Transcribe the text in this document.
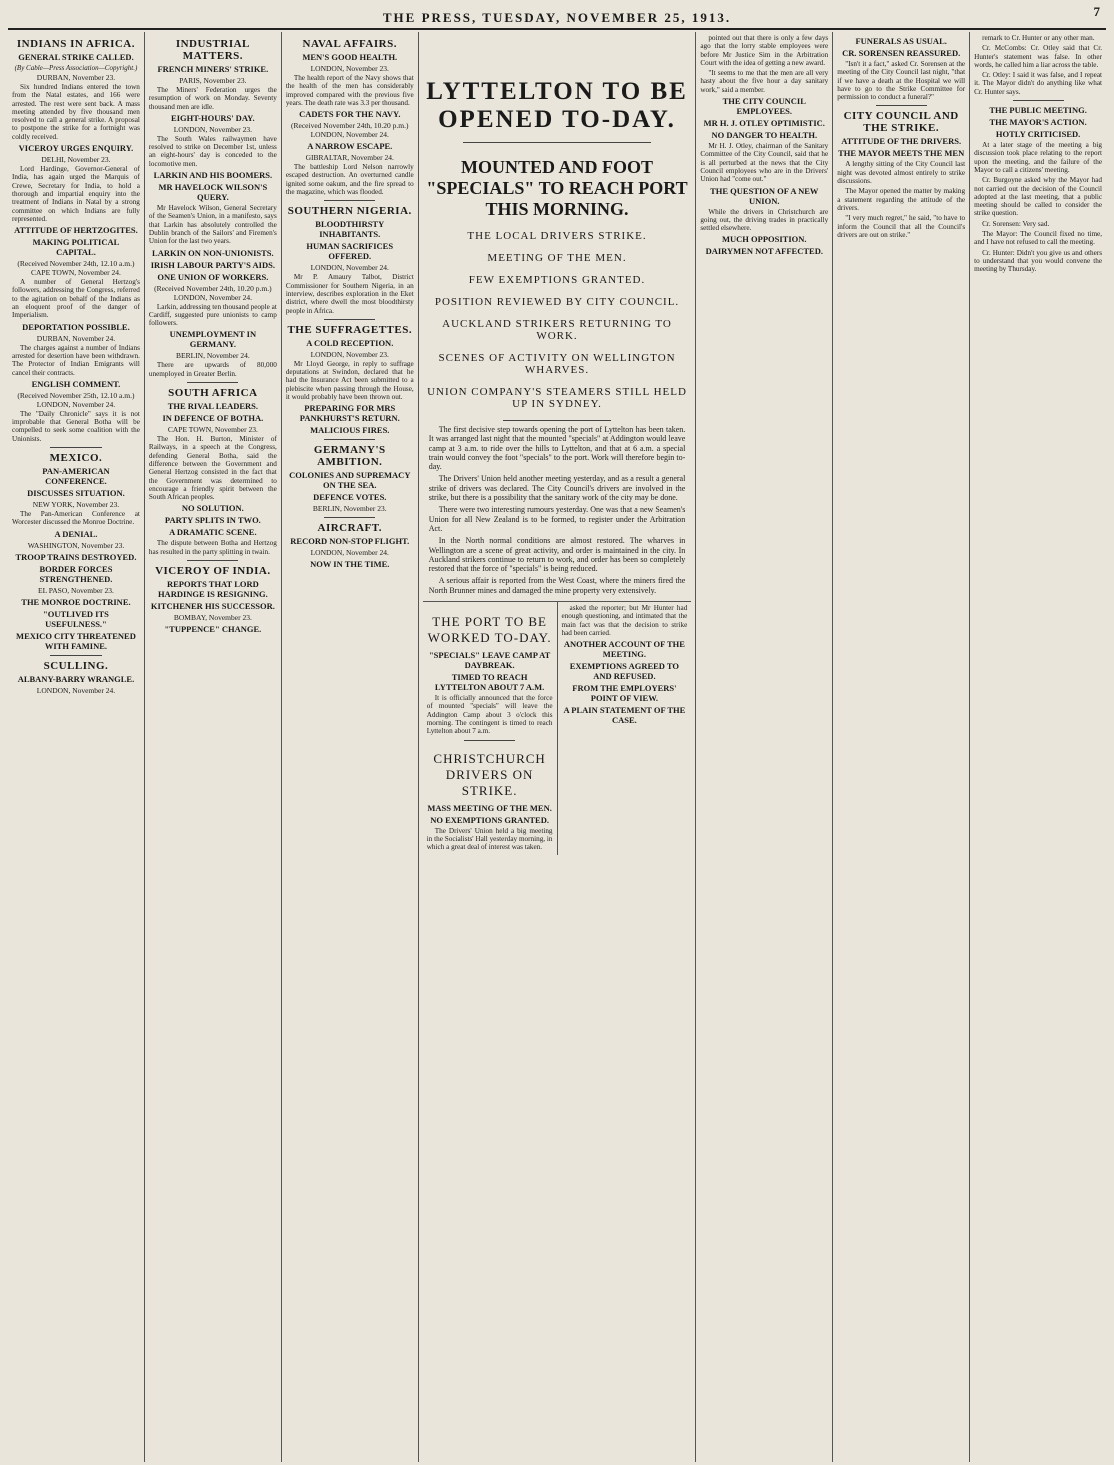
THE PRESS, TUESDAY, NOVEMBER 25, 1913.	7
INDIANS IN AFRICA.
GENERAL STRIKE CALLED.
(By Cable—Press Association—Copyright.)
DURBAN, November 23.

Six hundred Indians entered the town from the Natal estates, and 166 were arrested. The rest were sent back. A mass meeting attended by five thousand men resolved to call a general strike. A proposal to postpone the strike for a fortnight was coldly received.

VICEROY URGES ENQUIRY.
DELHI, November 23.

Lord Hardinge, Governor-General of India, has again urged the Marquis of Crewe, Secretary for India, to hold a thorough and impartial enquiry into the treatment of Indians in Natal by a strong committee on which Indians are fully represented.

ATTITUDE OF HERTZOGITES.
MAKING POLITICAL CAPITAL.
(Received November 24th, 12.10 a.m.) CAPE TOWN, November 24.

A number of General Hertzog's followers, addressing the Congress, referred to the agitation on behalf of the Indians as an eloquent proof of the danger of Imperialism.

DEPORTATION POSSIBLE.
DURBAN, November 24.

The charges against a number of Indians arrested for desertion have been withdrawn. The Protector of Indian Emigrants will cancel their contracts.

ENGLISH COMMENT.
(Received November 25th, 12.10 a.m.) LONDON, November 24.

The "Daily Chronicle" says it is not improbable that General Botha will be compelled to seek some coalition with the Unionists.

MEXICO.
PAN-AMERICAN CONFERENCE.
DISCUSSES SITUATION.
NEW YORK, November 23.

The Pan-American Conference at Worcester discussed the Monroe Doctrine.

A DENIAL.
WASHINGTON, November 23.
TROOP TRAINS DESTROYED.
BORDER FORCES STRENGTHENED.
EL PASO, November 23.
THE MONROE DOCTRINE.
"OUTLIVED ITS USEFULNESS."
MEXICO CITY THREATENED WITH FAMINE.
SCULLING.
ALBANY-BARRY WRANGLE.
LONDON, November 24.
INDUSTRIAL MATTERS.
FRENCH MINERS' STRIKE.
PARIS, November 23.

The Miners' Federation urges the resumption of work on Monday. Seventy thousand men are idle.

EIGHT-HOURS' DAY.
LONDON, November 23.

The South Wales railwaymen have resolved to strike on December 1st, unless an eight-hours' day is conceded to the locomotive men.

LARKIN AND HIS BOOMERS.
MR HAVELOCK WILSON'S QUERY.

Mr Havelock Wilson, General Secretary of the Seamen's Union, in a manifesto, says that Larkin has absolutely controlled the Dublin branch of the Sailors' and Firemen's Union for the last two years.

LARKIN ON NON-UNIONISTS.
IRISH LABOUR PARTY'S AIDS.
ONE UNION OF WORKERS.
(Received November 24th, 10.20 p.m.) LONDON, November 24.

Larkin, addressing ten thousand people at Cardiff, suggested pure unionists to camp followers.

UNEMPLOYMENT IN GERMANY.
BERLIN, November 24.

There are upwards of 80,000 unemployed in Greater Berlin.

SOUTH AFRICA
THE RIVAL LEADERS.
IN DEFENCE OF BOTHA.
CAPE TOWN, November 23.

The Hon. H. Burton, Minister of Railways, in a speech at the Congress, defending General Botha, said the difference between the Government and General Hertzog consisted in the fact that the Government was determined to encourage a friendly spirit between the South African peoples.

NO SOLUTION.
PARTY SPLITS IN TWO.
A DRAMATIC SCENE.

The dispute between Botha and Hertzog has resulted in the party splitting in twain.

VICEROY OF INDIA.
REPORTS THAT LORD HARDINGE IS RESIGNING.
KITCHENER HIS SUCCESSOR.
BOMBAY, November 23.
"TUPPENCE" CHANGE.
NAVAL AFFAIRS.
MEN'S GOOD HEALTH.
LONDON, November 23.

The health report of the Navy shows that the health of the men has considerably improved compared with the previous five years. The death rate was 3.3 per thousand.

CADETS FOR THE NAVY.
(Received November 24th, 10.20 p.m.) LONDON, November 24.
A NARROW ESCAPE.
GIBRALTAR, November 24.

The battleship Lord Nelson narrowly escaped destruction. An overturned candle ignited some oakum, and the fire spread to the magazine, which was flooded.

SOUTHERN NIGERIA.
BLOODTHIRSTY INHABITANTS.
HUMAN SACRIFICES OFFERED.
LONDON, November 24.

Mr P. Amaury Talbot, District Commissioner for Southern Nigeria, in an interview, describes exploration in the Eket district, where dwell the most bloodthirsty people in Africa.

THE SUFFRAGETTES.
A COLD RECEPTION.
LONDON, November 23.

Mr Lloyd George, in reply to suffrage deputations at Swindon, declared that he had the Insurance Act been submitted to a plebiscite when passing through the House, it would probably have been thrown out.

PREPARING FOR MRS PANKHURST'S RETURN.
MALICIOUS FIRES.
GERMANY'S AMBITION.
COLONIES AND SUPREMACY ON THE SEA.
DEFENCE VOTES.
BERLIN, November 23.
AIRCRAFT.
RECORD NON-STOP FLIGHT.
LONDON, November 24.
NOW IN THE TIME.
LYTTELTON TO BE OPENED TO-DAY.
MOUNTED AND FOOT "SPECIALS" TO REACH PORT THIS MORNING.
THE LOCAL DRIVERS STRIKE.
MEETING OF THE MEN.
FEW EXEMPTIONS GRANTED.
POSITION REVIEWED BY CITY COUNCIL.
AUCKLAND STRIKERS RETURNING TO WORK.
SCENES OF ACTIVITY ON WELLINGTON WHARVES.
UNION COMPANY'S STEAMERS STILL HELD UP IN SYDNEY.

The first decisive step towards opening the port of Lyttelton has been taken. It was arranged last night that the mounted "specials" at Addington would leave camp at 3 a.m. to ride over the hills to Lyttelton, and that at 6 a.m. a special train would convey the foot "specials" to the port. Work will therefore begin to-day.

The Drivers' Union held another meeting yesterday, and as a result a general strike of drivers was declared. The City Council's drivers are involved in the strike, but there is a possibility that the sanitary work of the city may be done.

There were two interesting rumours yesterday. One was that a new Seamen's Union for all New Zealand is to be formed, to register under the Arbitration Act.

In the North normal conditions are almost restored. The wharves in Wellington are a scene of great activity, and order is maintained in the city. In Auckland strikers continue to return to work, and order has been so completely restored that the force of "specials" is being reduced.

A serious affair is reported from the West Coast, where the miners fired the North Brunner mines and damaged the mine property very extensively.

THE PORT TO BE WORKED TO-DAY.
"SPECIALS" LEAVE CAMP AT DAYBREAK.
TIMED TO REACH LYTTELTON ABOUT 7 A.M.

It is officially announced that the force of mounted "specials" will leave the Addington Camp about 3 o'clock this morning. The contingent is timed to reach Lyttelton about 7 a.m.

CHRISTCHURCH DRIVERS ON STRIKE.
MASS MEETING OF THE MEN.
NO EXEMPTIONS GRANTED.

The Drivers' Union held a big meeting in the Socialists' Hall yesterday morning, in which a great deal of interest was taken.

asked the reporter; but Mr Hunter had enough questioning, and intimated that the main fact was that the decision to strike had been carried.

ANOTHER ACCOUNT OF THE MEETING.
EXEMPTIONS AGREED TO AND REFUSED.
FROM THE EMPLOYERS' POINT OF VIEW.
A PLAIN STATEMENT OF THE CASE.

pointed out that there is only a few days ago that the lorry stable employees were before Mr Justice Sim in the Arbitration Court with the idea of getting a new award.

"It seems to me that the men are all very hasty about the five hour a day sanitary work," said a member.

THE CITY COUNCIL EMPLOYEES.
MR H. J. OTLEY OPTIMISTIC.
NO DANGER TO HEALTH.

Mr H. J. Otley, chairman of the Sanitary Committee of the City Council, said that he is all perturbed at the news that the City Council employees who are in the Drivers' Union had "come out."

THE QUESTION OF A NEW UNION.

While the drivers in Christchurch are going out, the driving trades in practically settled elsewhere.

MUCH OPPOSITION.
DAIRYMEN NOT AFFECTED.
FUNERALS AS USUAL.
CR. SORENSEN REASSURED.

"Isn't it a fact," asked Cr. Sorensen at the meeting of the City Council last night, "that if we have a death at the Hospital we will have to go to the Strike Committee for permission to conduct a funeral?"

CITY COUNCIL AND THE STRIKE.
ATTITUDE OF THE DRIVERS.
THE MAYOR MEETS THE MEN

A lengthy sitting of the City Council last night was devoted almost entirely to strike discussions.

The Mayor opened the matter by making a statement regarding the attitude of the drivers.

"I very much regret," he said, "to have to inform the Council that all the Council's drivers are out on strike."

remark to Cr. Hunter or any other man.

Cr. McCombs: Cr. Otley said that Cr. Hunter's statement was false. In other words, he called him a liar across the table.

Cr. Otley: I said it was false, and I repeat it. The Mayor didn't do anything like what Cr. Hunter says.

THE PUBLIC MEETING.
THE MAYOR'S ACTION.
HOTLY CRITICISED.

At a later stage of the meeting a big discussion took place relating to the report upon the meeting, and the failure of the Mayor to call a citizens' meeting.

Cr. Burgoyne asked why the Mayor had not carried out the decision of the Council adopted at the last meeting, that a public meeting should be called to consider the strike question.

Cr. Sorensen: Very sad.

The Mayor: The Council fixed no time, and I have not refused to call the meeting.

Cr. Hunter: Didn't you give us and others to understand that you would convene the meeting by Thursday.
